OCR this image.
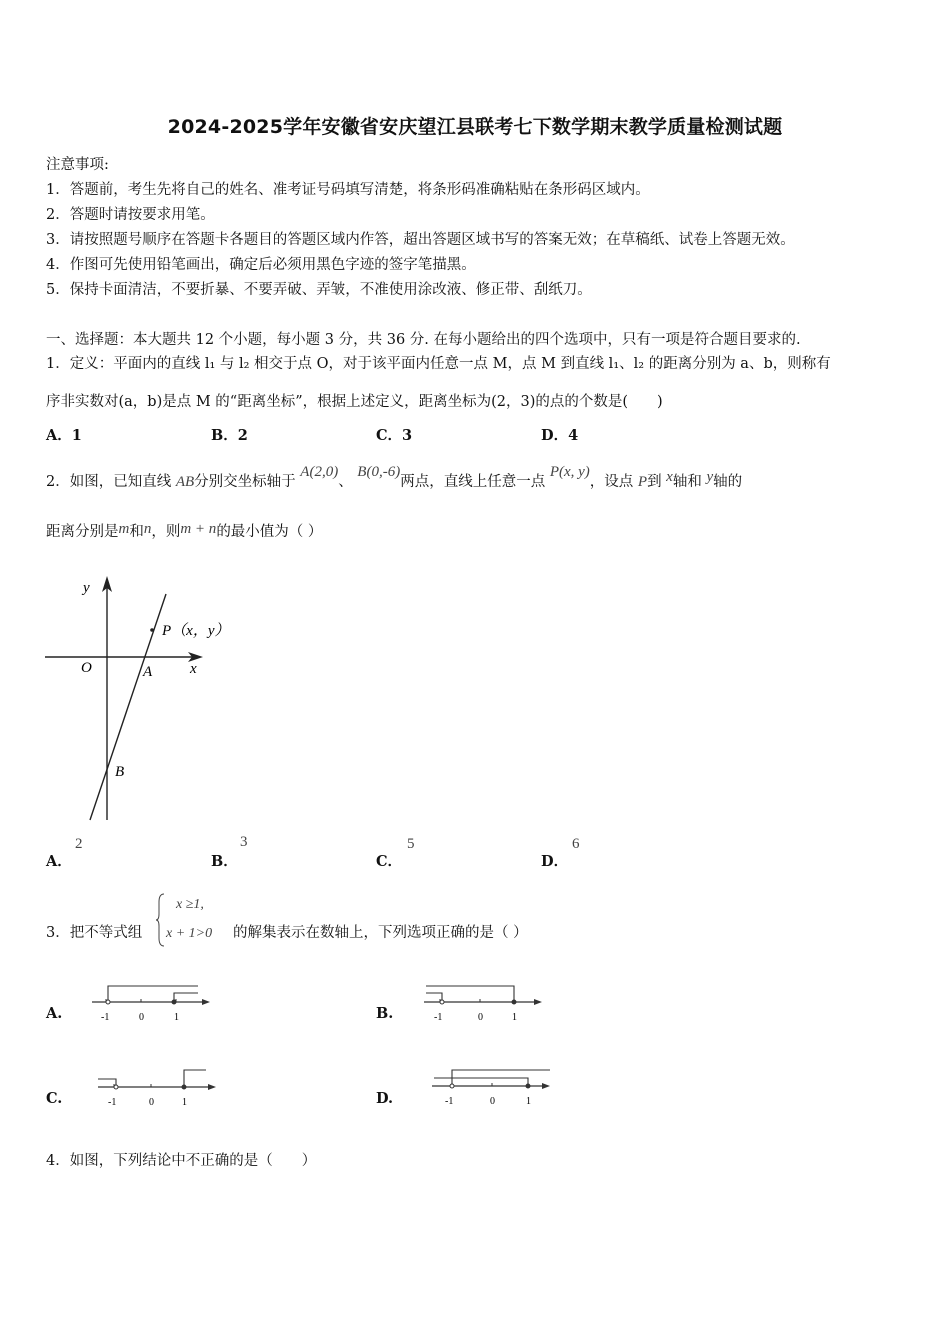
2024-2025学年安徽省安庆望江县联考七下数学期末教学质量检测试题
注意事项:
1．答题前，考生先将自己的姓名、准考证号码填写清楚，将条形码准确粘贴在条形码区域内。
2．答题时请按要求用笔。
3．请按照题号顺序在答题卡各题目的答题区域内作答，超出答题区域书写的答案无效；在草稿纸、试卷上答题无效。
4．作图可先使用铅笔画出，确定后必须用黑色字迹的签字笔描黑。
5．保持卡面清洁，不要折暴、不要弄破、弄皱，不准使用涂改液、修正带、刮纸刀。
一、选择题：本大题共 12 个小题，每小题 3 分，共 36 分. 在每小题给出的四个选项中，只有一项是符合题目要求的.
1．定义：平面内的直线 l₁ 与 l₂ 相交于点 O，对于该平面内任意一点 M，点 M 到直线 l₁、l₂ 的距离分别为 a、b，则称有
序非实数对(a，b)是点 M 的“距离坐标”，根据上述定义，距离坐标为(2，3)的点的个数是(　　)
A．1	B．2	C．3	D．4
2．如图，已知直线 AB分别交坐标轴于 A(2,0)、 B(0,-6)两点，直线上任意一点 P(x, y)，设点 P到 x轴和 y轴的
距离分别是m和n，则m + n的最小值为（ ）
y
x
O	A
B
P（x，y）
A．
2
B．
3
C．
5
D．
6
3．把不等式组
x ≥1,
x + 1>0 的解集表示在数轴上，下列选项正确的是（ ）
A.	-1	0	1	B.	-1	0	1
C.	-1	0	1	D.	-1	0	1
4．如图，下列结论中不正确的是（　　）
